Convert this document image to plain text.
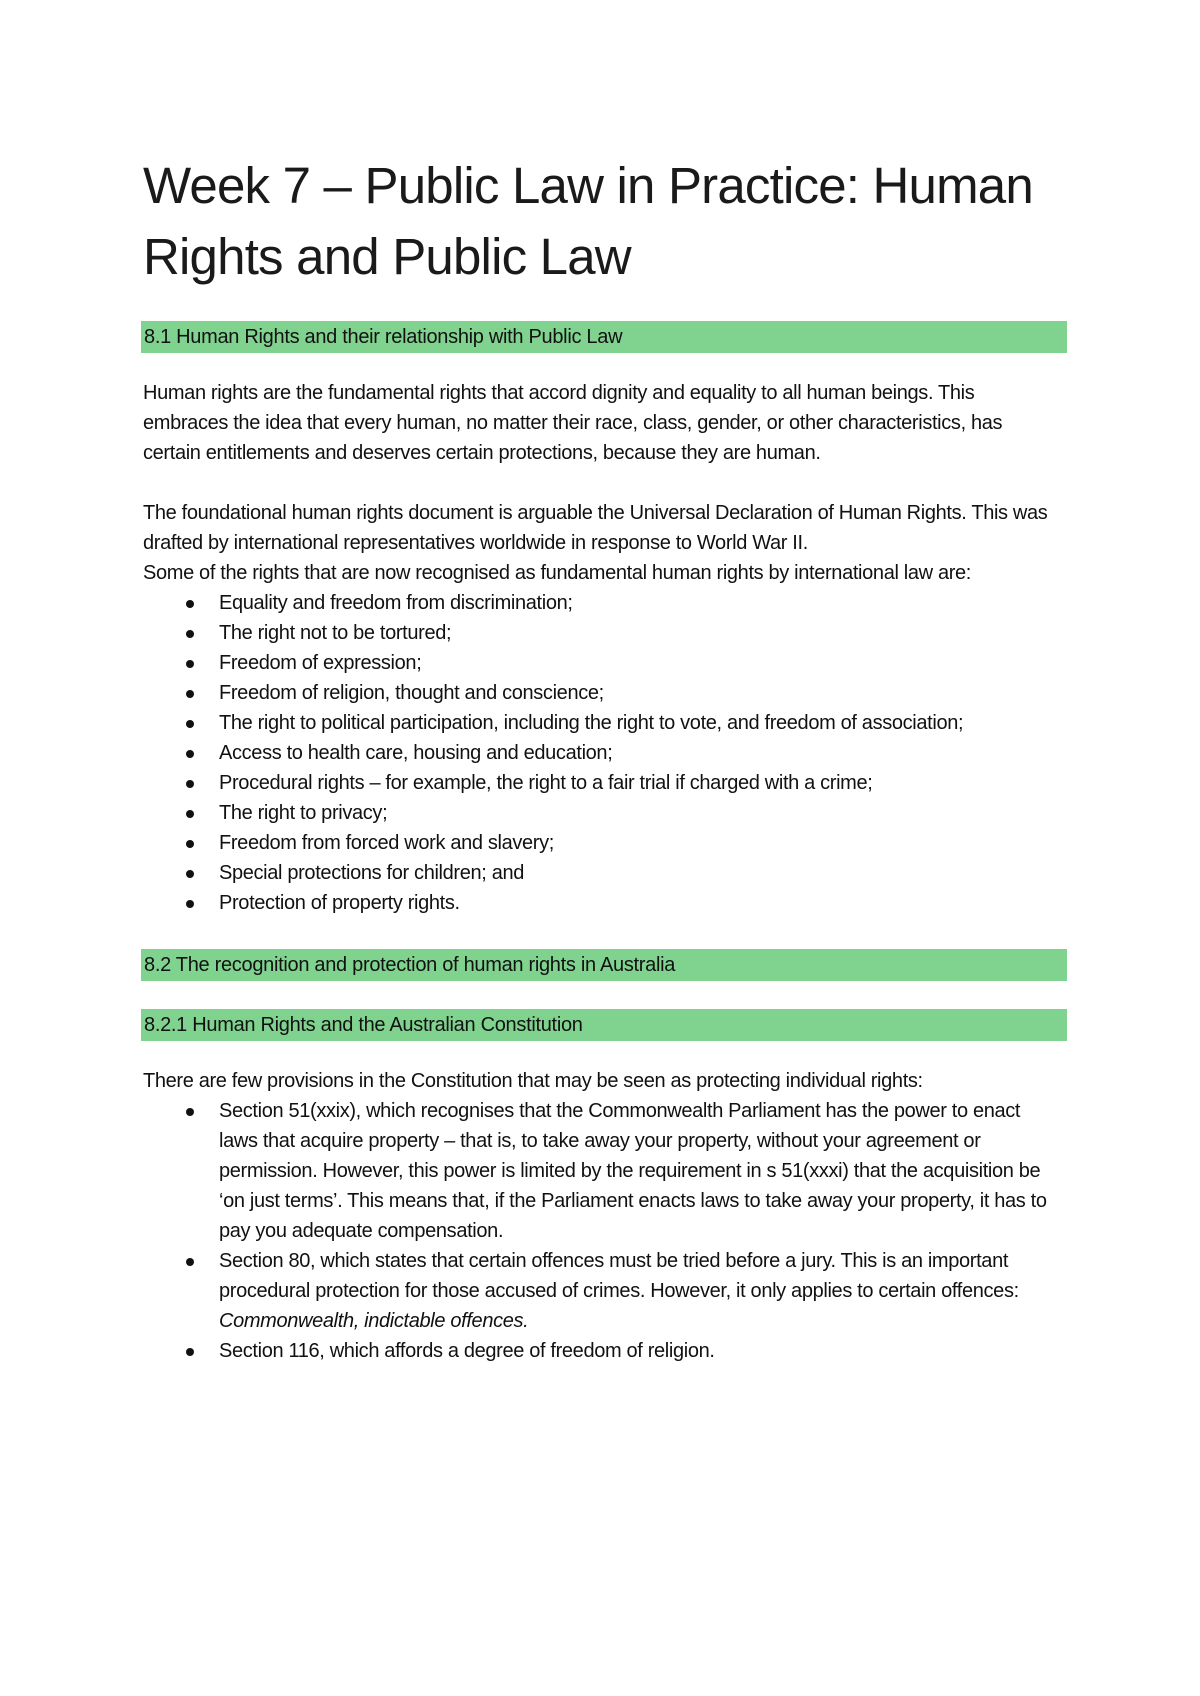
Week 7 – Public Law in Practice: Human Rights and Public Law
8.1 Human Rights and their relationship with Public Law

Human rights are the fundamental rights that accord dignity and equality to all human beings. This embraces the idea that every human, no matter their race, class, gender, or other characteristics, has certain entitlements and deserves certain protections, because they are human.

The foundational human rights document is arguable the Universal Declaration of Human Rights. This was drafted by international representatives worldwide in response to World War II.

Some of the rights that are now recognised as fundamental human rights by international law are:

Equality and freedom from discrimination;
The right not to be tortured;
Freedom of expression;
Freedom of religion, thought and conscience;
The right to political participation, including the right to vote, and freedom of association;
Access to health care, housing and education;
Procedural rights – for example, the right to a fair trial if charged with a crime;
The right to privacy;
Freedom from forced work and slavery;
Special protections for children; and
Protection of property rights.
8.2 The recognition and protection of human rights in Australia
8.2.1 Human Rights and the Australian Constitution

There are few provisions in the Constitution that may be seen as protecting individual rights:

Section 51(xxix), which recognises that the Commonwealth Parliament has the power to enact laws that acquire property – that is, to take away your property, without your agreement or permission. However, this power is limited by the requirement in s 51(xxxi) that the acquisition be ‘on just terms’. This means that, if the Parliament enacts laws to take away your property, it has to pay you adequate compensation.
Section 80, which states that certain offences must be tried before a jury. This is an important procedural protection for those accused of crimes. However, it only applies to certain offences: Commonwealth, indictable offences.
Section 116, which affords a degree of freedom of religion.
